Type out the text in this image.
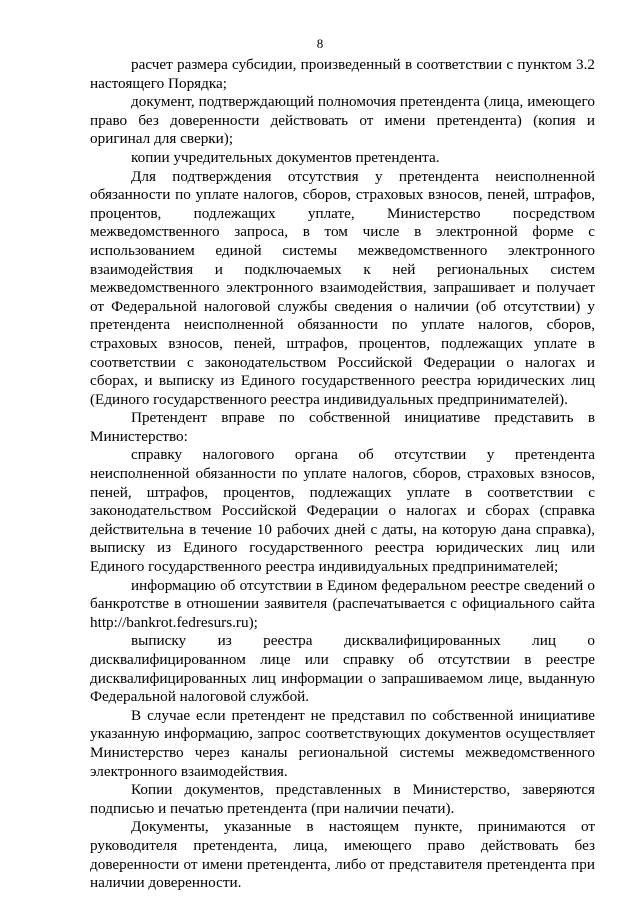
8

расчет размера субсидии, произведенный в соответствии с пунктом 3.2 настоящего Порядка;

документ, подтверждающий полномочия претендента (лица, имеющего право без доверенности действовать от имени претендента) (копия и оригинал для сверки);

копии учредительных документов претендента.

Для подтверждения отсутствия у претендента неисполненной обязанности по уплате налогов, сборов, страховых взносов, пеней, штрафов, процентов, подлежащих уплате, Министерство посредством межведомственного запроса, в том числе в электронной форме с использованием единой системы межведомственного электронного взаимодействия и подключаемых к ней региональных систем межведомственного электронного взаимодействия, запрашивает и получает от Федеральной налоговой службы сведения о наличии (об отсутствии) у претендента неисполненной обязанности по уплате налогов, сборов, страховых взносов, пеней, штрафов, процентов, подлежащих уплате в соответствии с законодательством Российской Федерации о налогах и сборах, и выписку из Единого государственного реестра юридических лиц (Единого государственного реестра индивидуальных предпринимателей).

Претендент вправе по собственной инициативе представить в Министерство:

справку налогового органа об отсутствии у претендента неисполненной обязанности по уплате налогов, сборов, страховых взносов, пеней, штрафов, процентов, подлежащих уплате в соответствии с законодательством Российской Федерации о налогах и сборах (справка действительна в течение 10 рабочих дней с даты, на которую дана справка), выписку из Единого государственного реестра юридических лиц или Единого государственного реестра индивидуальных предпринимателей;

информацию об отсутствии в Едином федеральном реестре сведений о банкротстве в отношении заявителя (распечатывается с официального сайта http://bankrot.fedresurs.ru);

выписку из реестра дисквалифицированных лиц о дисквалифицированном лице или справку об отсутствии в реестре дисквалифицированных лиц информации о запрашиваемом лице, выданную Федеральной налоговой службой.

В случае если претендент не представил по собственной инициативе указанную информацию, запрос соответствующих документов осуществляет Министерство через каналы региональной системы межведомственного электронного взаимодействия.

Копии документов, представленных в Министерство, заверяются подписью и печатью претендента (при наличии печати).

Документы, указанные в настоящем пункте, принимаются от руководителя претендента, лица, имеющего право действовать без доверенности от имени претендента, либо от представителя претендента при наличии доверенности.
